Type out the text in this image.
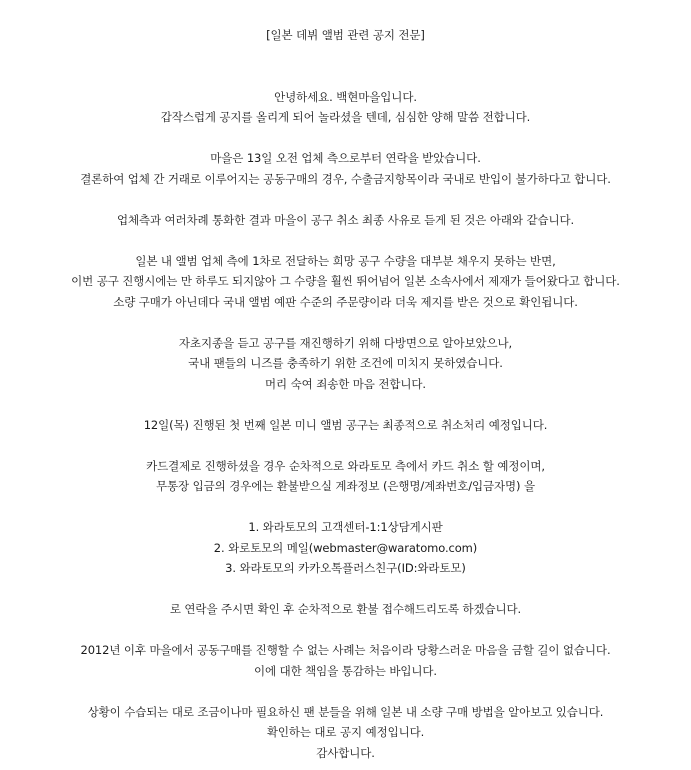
[일본 데뷔 앨범 관련 공지 전문]

안녕하세요. 백현마을입니다.

갑작스럽게 공지를 올리게 되어 놀라셨을 텐데, 심심한 양해 말씀 전합니다.

마을은 13일 오전 업체 측으로부터 연락을 받았습니다.

결론하여 업체 간 거래로 이루어지는 공동구매의 경우, 수출금지항목이라 국내로 반입이 불가하다고 합니다.

업체측과 여러차례 통화한 결과 마을이 공구 취소 최종 사유로 듣게 된 것은 아래와 같습니다.

일본 내 앨범 업체 측에 1차로 전달하는 희망 공구 수량을 대부분 채우지 못하는 반면,

이번 공구 진행시에는 만 하루도 되지않아 그 수량을 훨씬 뛰어넘어 일본 소속사에서 제재가 들어왔다고 합니다.

소량 구매가 아닌데다 국내 앨범 예판 수준의 주문량이라 더욱 제지를 받은 것으로 확인됩니다.

자초지종을 듣고 공구를 재진행하기 위해 다방면으로 알아보았으나,

국내 팬들의 니즈를 충족하기 위한 조건에 미치지 못하였습니다.

머리 숙여 죄송한 마음 전합니다.

12일(목) 진행된 첫 번째 일본 미니 앨범 공구는 최종적으로 취소처리 예정입니다.

카드결제로 진행하셨을 경우 순차적으로 와라토모 측에서 카드 취소 할 예정이며,

무통장 입금의 경우에는 환불받으실 계좌정보 (은행명/계좌번호/입금자명) 을

1. 와라토모의 고객센터-1:1상담게시판

2. 와로토모의 메일(webmaster@waratomo.com)

3. 와라토모의 카카오톡플러스친구(ID:와라토모)

로 연락을 주시면 확인 후 순차적으로 환불 접수해드리도록 하겠습니다.

2012년 이후 마을에서 공동구매를 진행할 수 없는 사례는 처음이라 당황스러운 마음을 금할 길이 없습니다.

이에 대한 책임을 통감하는 바입니다.

상황이 수습되는 대로 조금이나마 필요하신 팬 분들을 위해 일본 내 소량 구매 방법을 알아보고 있습니다.

확인하는 대로 공지 예정입니다.

감사합니다.
